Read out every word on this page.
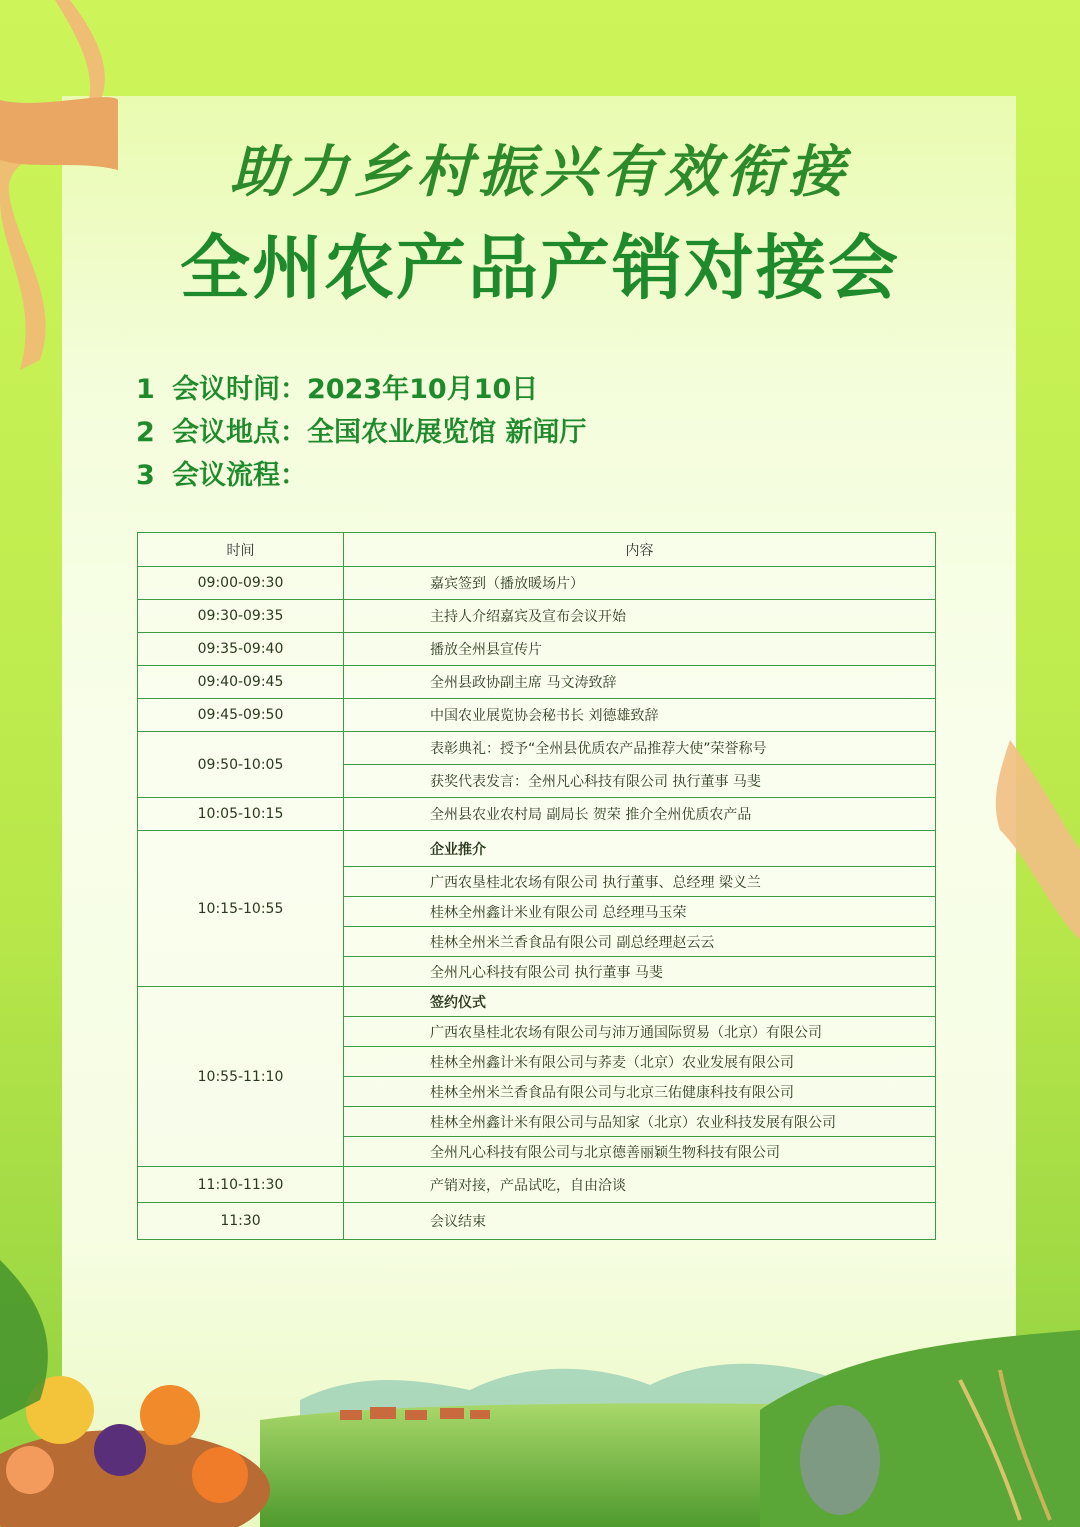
助力乡村振兴有效衔接
全州农产品产销对接会
1 会议时间：2023年10月10日
2 会议地点：全国农业展览馆 新闻厅
3 会议流程：
时间	内容
09:00-09:30	嘉宾签到（播放暖场片）
09:30-09:35	主持人介绍嘉宾及宣布会议开始
09:35-09:40	播放全州县宣传片
09:40-09:45	全州县政协副主席 马文涛致辞
09:45-09:50	中国农业展览协会秘书长 刘德雄致辞
09:50-10:05	表彰典礼：授予“全州县优质农产品推荐大使”荣誉称号
	获奖代表发言：全州凡心科技有限公司 执行董事 马斐
10:05-10:15	全州县农业农村局 副局长 贺荣 推介全州优质农产品
10:15-10:55	企业推介
	广西农垦桂北农场有限公司 执行董事、总经理 梁义兰
	桂林全州鑫计米业有限公司 总经理马玉荣
	桂林全州米兰香食品有限公司 副总经理赵云云
	全州凡心科技有限公司 执行董事 马斐
10:55-11:10	签约仪式
	广西农垦桂北农场有限公司与沛万通国际贸易（北京）有限公司
	桂林全州鑫计米有限公司与荞麦（北京）农业发展有限公司
	桂林全州米兰香食品有限公司与北京三佑健康科技有限公司
	桂林全州鑫计米有限公司与品知家（北京）农业科技发展有限公司
	全州凡心科技有限公司与北京德善丽颖生物科技有限公司
11:10-11:30	产销对接，产品试吃，自由洽谈
11:30	会议结束
